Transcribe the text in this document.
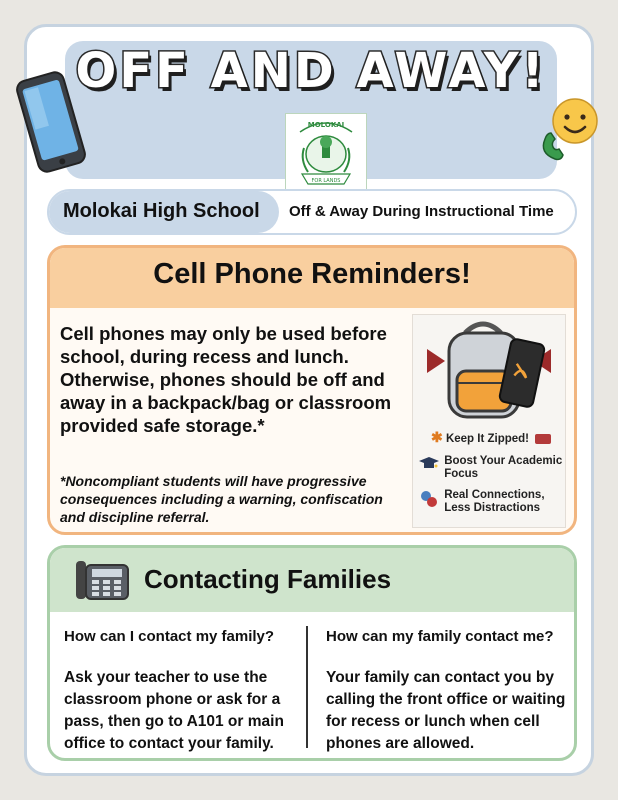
OFF AND AWAY!
MOLOKAI
FOR LANDS
Molokai High School Off & Away During Instructional Time
Cell Phone Reminders!
Cell phones may only be used before school, during recess and lunch. Otherwise, phones should be off and away in a backpack/bag or classroom provided safe storage.*
*Noncompliant students will have progressive consequences including a warning, confiscation and discipline referral.
✱ Keep It Zipped!
Boost Your Academic Focus
Real Connections, Less Distractions
Contacting Families
How can I contact my family?
Ask your teacher to use the classroom phone or ask for a pass, then go to A101 or main office to contact your family.
How can my family contact me?
Your family can contact you by calling the front office or waiting for recess or lunch when cell phones are allowed.
